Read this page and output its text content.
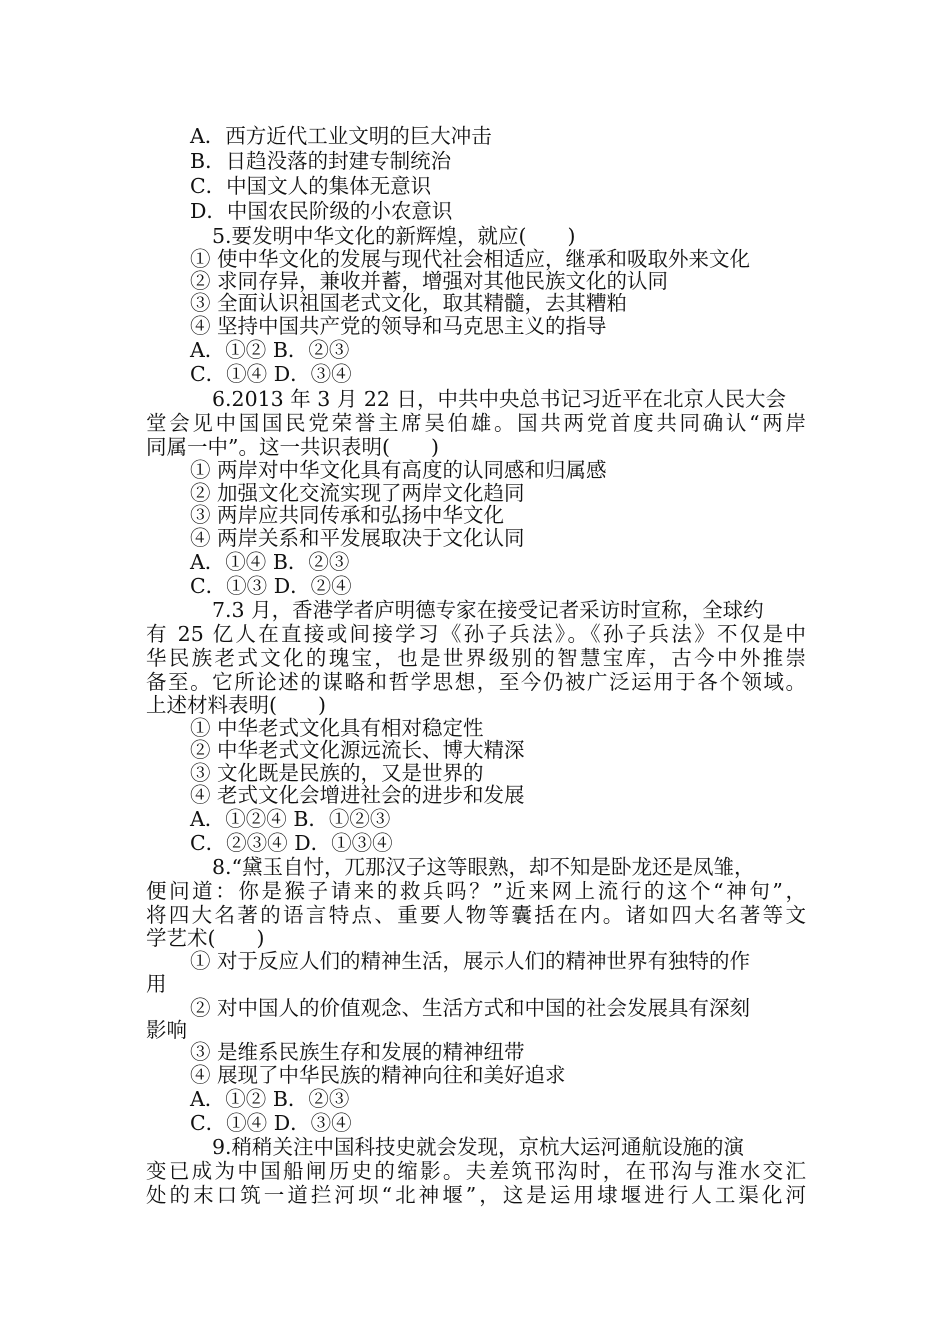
A．西方近代工业文明的巨大冲击
B．日趋没落的封建专制统治
C．中国文人的集体无意识
D．中国农民阶级的小农意识
5.要发明中华文化的新辉煌，就应(　　)
① 使中华文化的发展与现代社会相适应，继承和吸取外来文化
② 求同存异，兼收并蓄，增强对其他民族文化的认同
③ 全面认识祖国老式文化，取其精髓，去其糟粕
④ 坚持中国共产党的领导和马克思主义的指导
A．①② B．②③
C．①④ D．③④
6.2013 年 3 月 22 日，中共中央总书记习近平在北京人民大会
堂会见中国国民党荣誉主席吴伯雄。国共两党首度共同确认“两岸
同属一中”。这一共识表明(　　)
① 两岸对中华文化具有高度的认同感和归属感
② 加强文化交流实现了两岸文化趋同
③ 两岸应共同传承和弘扬中华文化
④ 两岸关系和平发展取决于文化认同
A．①④ B．②③
C．①③ D．②④
7.3 月，香港学者庐明德专家在接受记者采访时宣称，全球约
有 25 亿人在直接或间接学习《孙子兵法》。《孙子兵法》不仅是中
华民族老式文化的瑰宝，也是世界级别的智慧宝库，古今中外推崇
备至。它所论述的谋略和哲学思想，至今仍被广泛运用于各个领域。
上述材料表明(　　)
① 中华老式文化具有相对稳定性
② 中华老式文化源远流长、博大精深
③ 文化既是民族的，又是世界的
④ 老式文化会增进社会的进步和发展
A．①②④ B．①②③
C．②③④ D．①③④
8.“黛玉自忖，兀那汉子这等眼熟，却不知是卧龙还是凤雏，
便问道：你是猴子请来的救兵吗？”近来网上流行的这个“神句”，
将四大名著的语言特点、重要人物等囊括在内。诸如四大名著等文
学艺术(　　)
① 对于反应人们的精神生活，展示人们的精神世界有独特的作
用
② 对中国人的价值观念、生活方式和中国的社会发展具有深刻
影响
③ 是维系民族生存和发展的精神纽带
④ 展现了中华民族的精神向往和美好追求
A．①② B．②③
C．①④ D．③④
9.稍稍关注中国科技史就会发现，京杭大运河通航设施的演
变已成为中国船闸历史的缩影。夫差筑邗沟时，在邗沟与淮水交汇
处的末口筑一道拦河坝“北神堰”，这是运用埭堰进行人工渠化河
